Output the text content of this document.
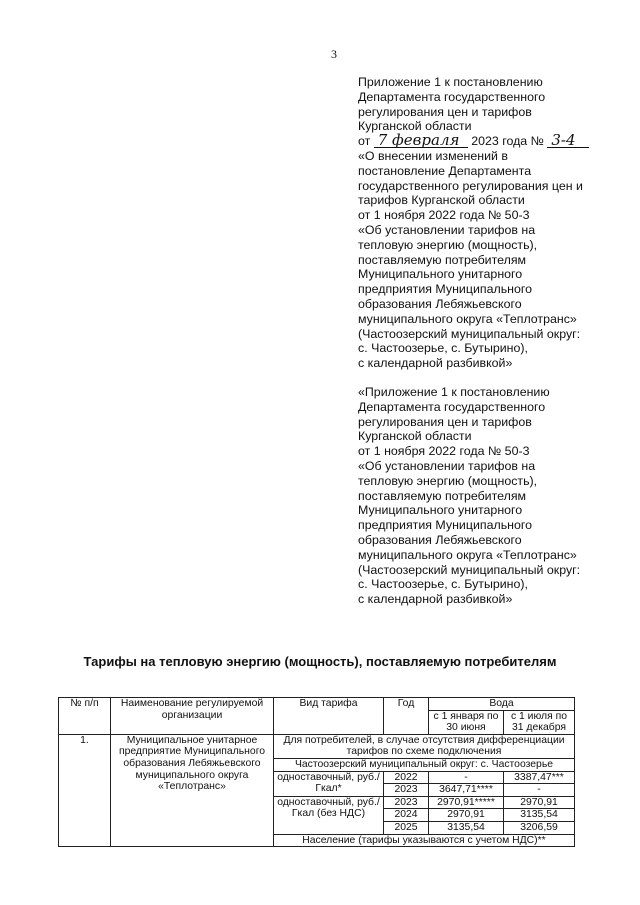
3
Приложение 1 к постановлению
Департамента государственного
регулирования цен и тарифов
Курганской области
от 7 февраля 2023 года № 3-4
«О внесении изменений в
постановление Департамента
государственного регулирования цен и
тарифов Курганской области
от 1 ноября 2022 года № 50-3
«Об установлении тарифов на
тепловую энергию (мощность),
поставляемую потребителям
Муниципального унитарного
предприятия Муниципального
образования Лебяжьевского
муниципального округа «Теплотранс»
(Частоозерский муниципальный округ:
с. Частоозерье, с. Бутырино),
с календарной разбивкой»
«Приложение 1 к постановлению
Департамента государственного
регулирования цен и тарифов
Курганской области
от 1 ноября 2022 года № 50-3
«Об установлении тарифов на
тепловую энергию (мощность),
поставляемую потребителям
Муниципального унитарного
предприятия Муниципального
образования Лебяжьевского
муниципального округа «Теплотранс»
(Частоозерский муниципальный округ:
с. Частоозерье, с. Бутырино),
с календарной разбивкой»
Тарифы на тепловую энергию (мощность), поставляемую потребителям
№ п/п	Наименование регулируемой организации	Вид тарифа	Год	Вода	
				с 1 января по 30 июня	с 1 июля по 31 декабря
1.	Муниципальное унитарное предприятие Муниципального образования Лебяжьевского муниципального округа «Теплотранс»	Для потребителей, в случае отсутствия дифференциации тарифов по схеме подключения			
		Частоозерский муниципальный округ: с. Частоозерье			
		одноставочный, руб./Гкал*	2022	-	3387,47***
			2023	3647,71****	-
		одноставочный, руб./Гкал (без НДС)	2023	2970,91*****	2970,91
			2024	2970,91	3135,54
			2025	3135,54	3206,59
		Население (тарифы указываются с учетом НДС)**			
